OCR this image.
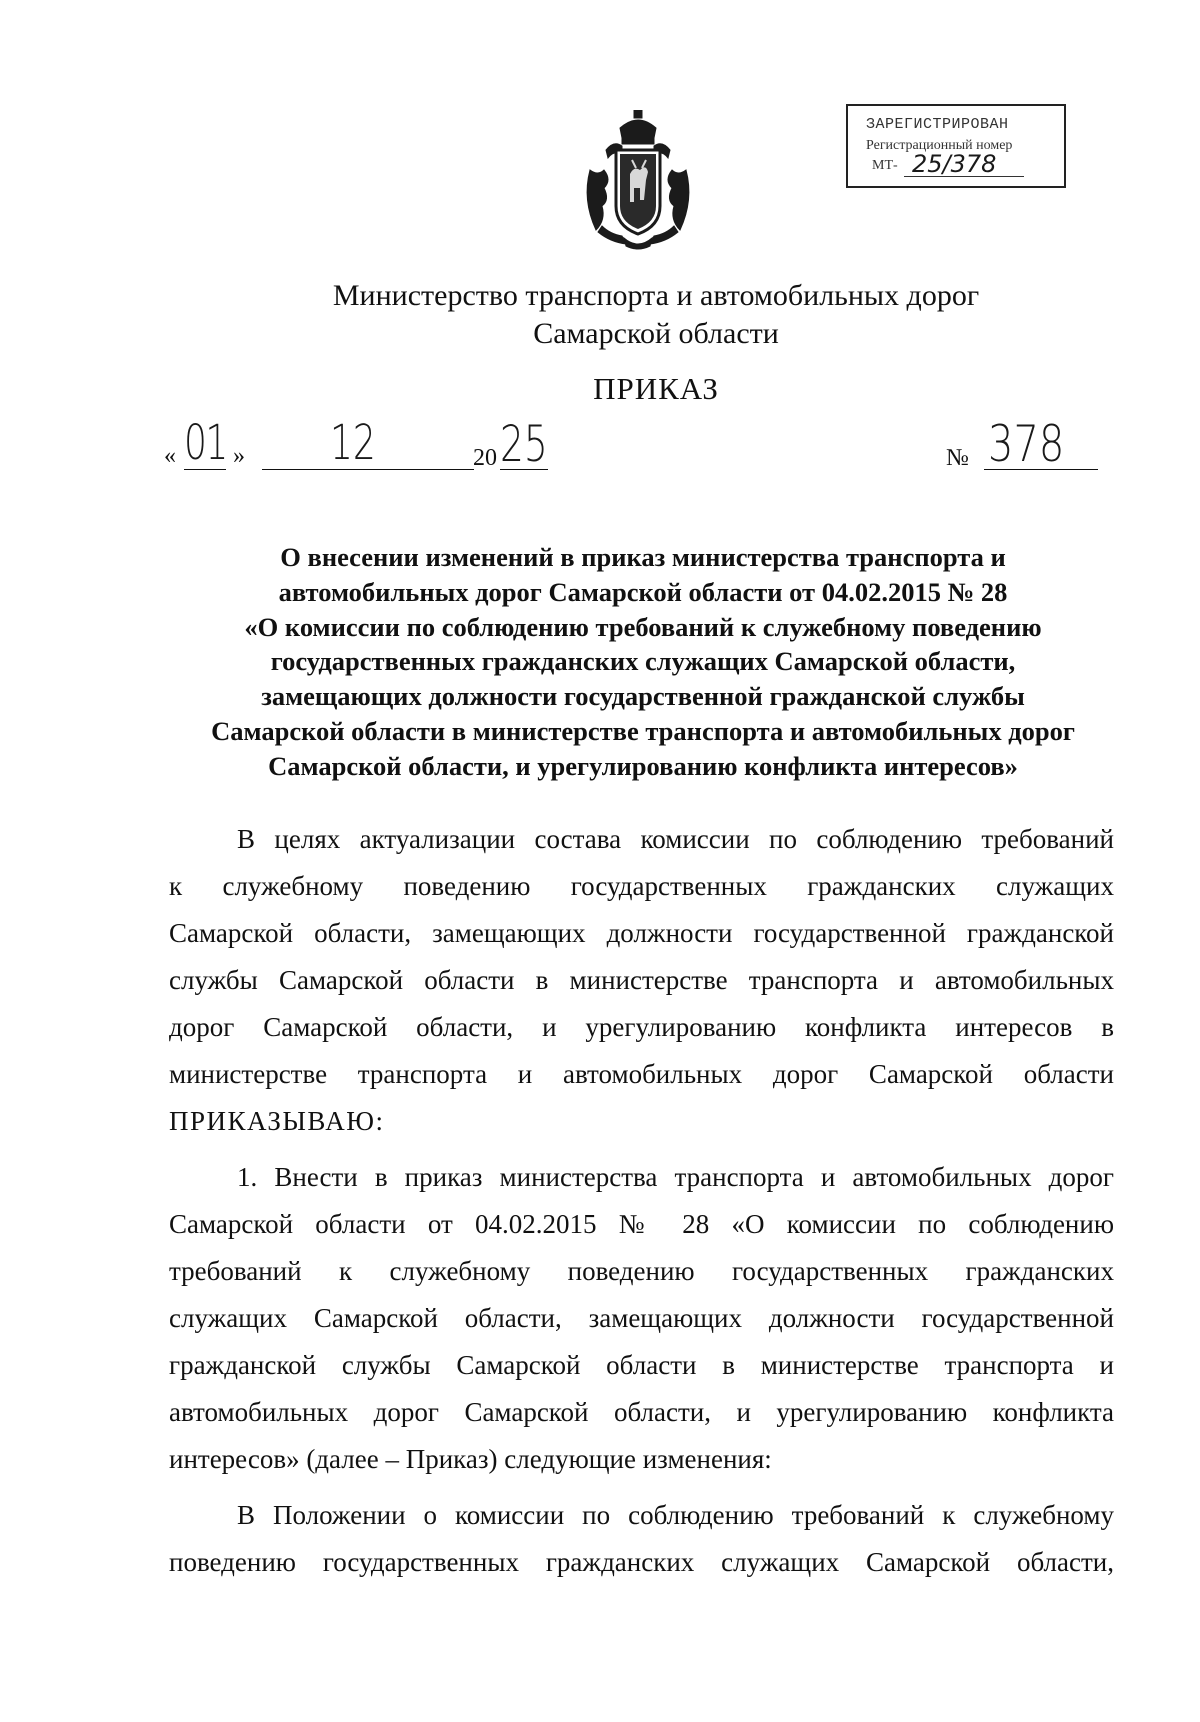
ЗАРЕГИСТРИРОВАН
Регистрационный номер
МТ- 25/378
Министерство транспорта и автомобильных дорог
Самарской области
ПРИКАЗ
« 01 » 12	20 25	№ 378
О внесении изменений в приказ министерства транспорта и
автомобильных дорог Самарской области от 04.02.2015 № 28
«О комиссии по соблюдению требований к служебному поведению
государственных гражданских служащих Самарской области,
замещающих должности государственной гражданской службы
Самарской области в министерстве транспорта и автомобильных дорог
Самарской области, и урегулированию конфликта интересов»
В целях актуализации состава комиссии по соблюдению требований
к служебному поведению государственных гражданских служащих
Самарской области, замещающих должности государственной гражданской
службы Самарской области в министерстве транспорта и автомобильных
дорог Самарской области, и урегулированию конфликта интересов в
министерстве транспорта и автомобильных дорог Самарской области
ПРИКАЗЫВАЮ:
1. Внести в приказ министерства транспорта и автомобильных дорог
Самарской области от 04.02.2015 № 28 «О комиссии по соблюдению
требований к служебному поведению государственных гражданских
служащих Самарской области, замещающих должности государственной
гражданской службы Самарской области в министерстве транспорта и
автомобильных дорог Самарской области, и урегулированию конфликта
интересов» (далее – Приказ) следующие изменения:
В Положении о комиссии по соблюдению требований к служебному
поведению государственных гражданских служащих Самарской области,
